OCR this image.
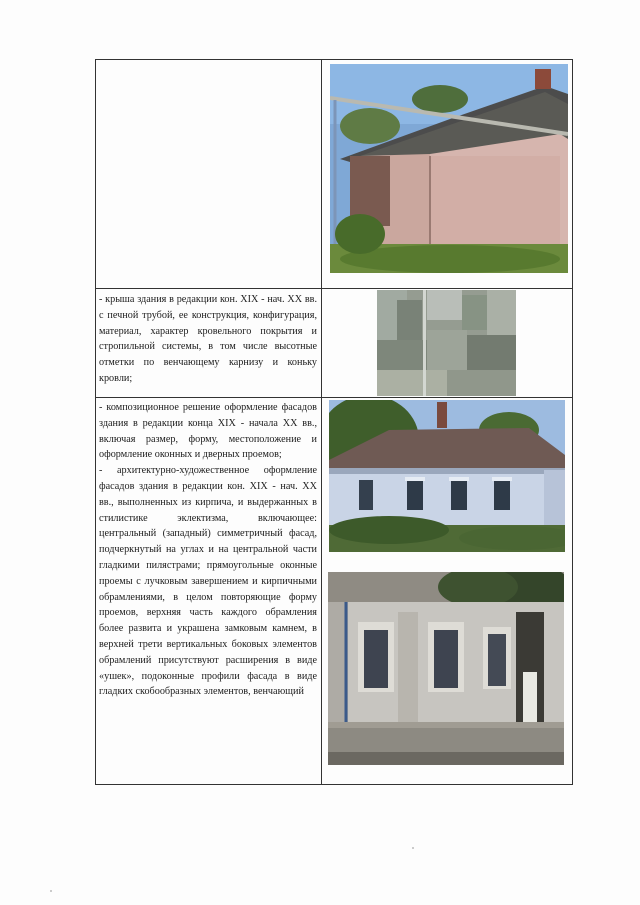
- крыша здания в редакции кон. XIX - нач. XX вв. с печной трубой, ее конструкция, конфигурация, материал, характер кровельного покрытия и стропильной системы, в том числе высотные отметки по венчающему карнизу и коньку кровли;

- композиционное решение оформление фасадов здания в редакции конца XIX - начала XX вв., включая размер, форму, местоположение и оформление оконных и дверных проемов;

- архитектурно-художественное оформление фасадов здания в редакции кон. XIX - нач. XX вв., выполненных из кирпича, и выдержанных в стилистике эклектизма, включающее: центральный (западный) симметричный фасад, подчеркнутый на углах и на центральной части гладкими пилястрами; прямоугольные оконные проемы с лучковым завершением и кирпичными обрамлениями, в целом повторяющие форму проемов, верхняя часть каждого обрамления более развита и украшена замковым камнем, в верхней трети вертикальных боковых элементов обрамлений присутствуют расширения в виде «ушек», подоконные профили фасада в виде гладких скобообразных элементов, венчающий
